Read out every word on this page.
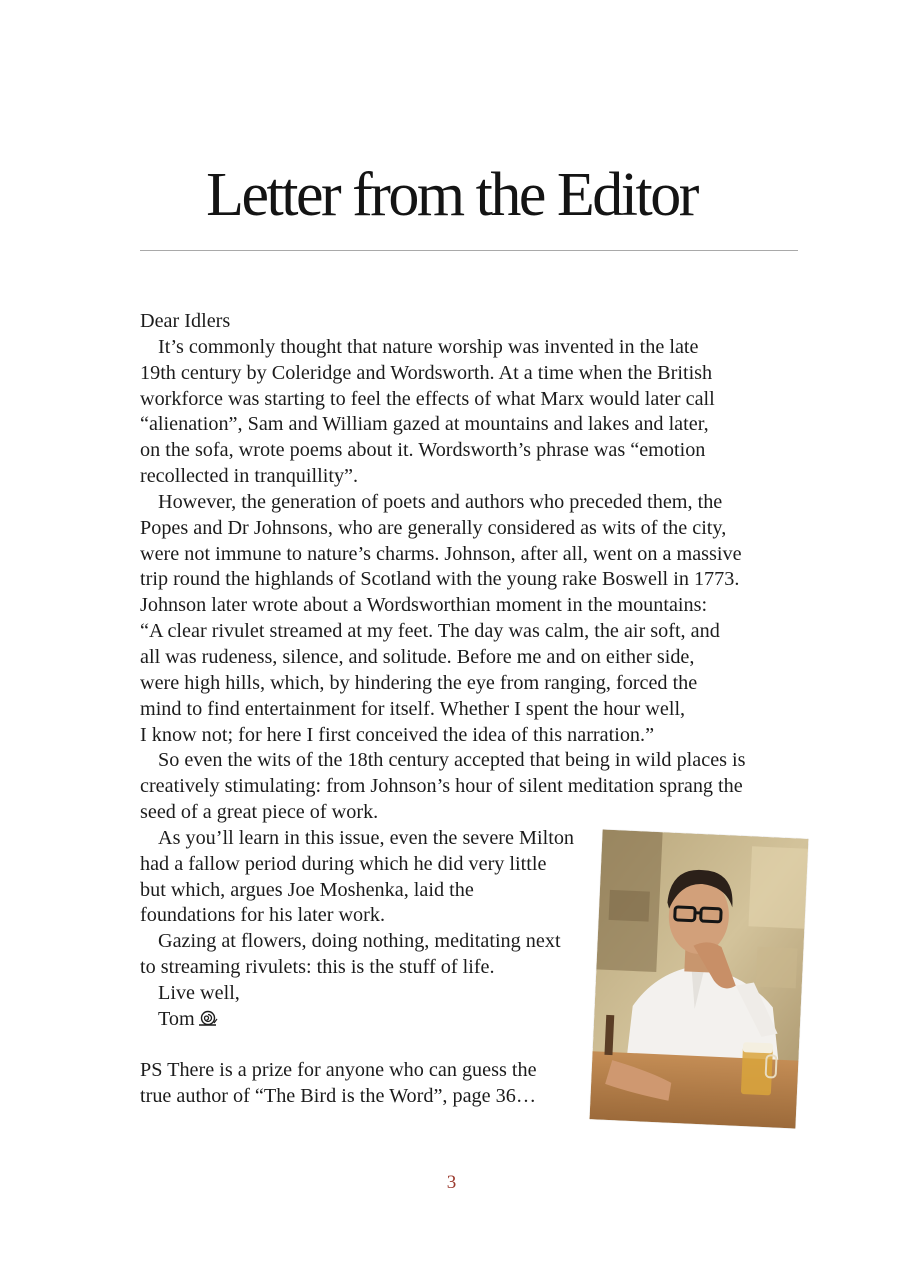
Letter from the Editor
Dear Idlers
It’s commonly thought that nature worship was invented in the late
19th century by Coleridge and Wordsworth. At a time when the British
workforce was starting to feel the effects of what Marx would later call
“alienation”, Sam and William gazed at mountains and lakes and later,
on the sofa, wrote poems about it. Wordsworth’s phrase was “emotion
recollected in tranquillity”.
However, the generation of poets and authors who preceded them, the
Popes and Dr Johnsons, who are generally considered as wits of the city,
were not immune to nature’s charms. Johnson, after all, went on a massive
trip round the highlands of Scotland with the young rake Boswell in 1773.
Johnson later wrote about a Wordsworthian moment in the mountains:
“A clear rivulet streamed at my feet. The day was calm, the air soft, and
all was rudeness, silence, and solitude. Before me and on either side,
were high hills, which, by hindering the eye from ranging, forced the
mind to find entertainment for itself. Whether I spent the hour well,
I know not; for here I first conceived the idea of this narration.”
So even the wits of the 18th century accepted that being in wild places is
creatively stimulating: from Johnson’s hour of silent meditation sprang the
seed of a great piece of work.
As you’ll learn in this issue, even the severe Milton
had a fallow period during which he did very little
but which, argues Joe Moshenka, laid the
foundations for his later work.
Gazing at flowers, doing nothing, meditating next
to streaming rivulets: this is the stuff of life.
Live well,
Tom
PS There is a prize for anyone who can guess the
true author of “The Bird is the Word”, page 36…
3
